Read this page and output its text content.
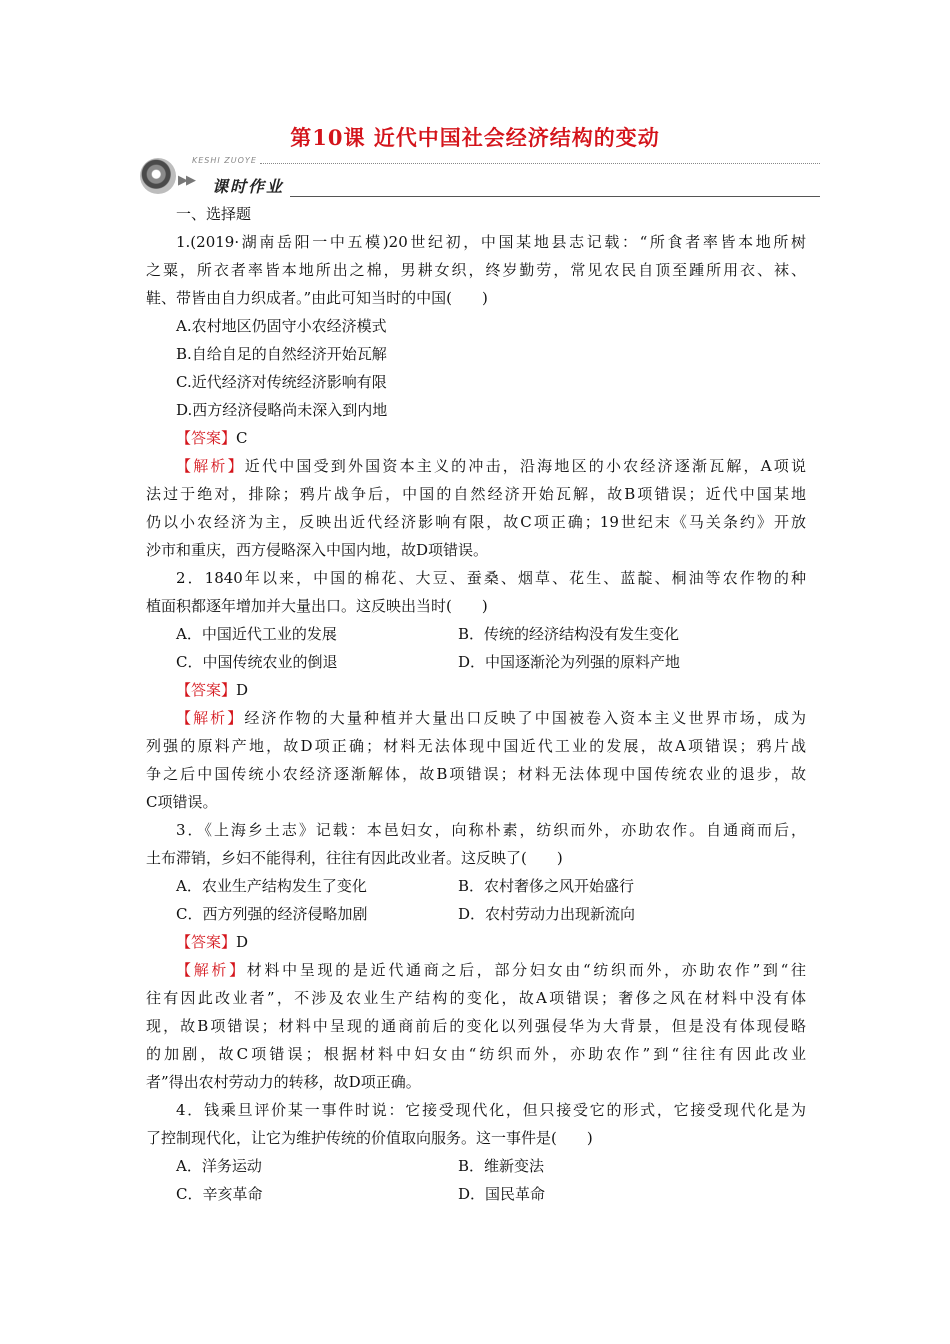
第10课 近代中国社会经济结构的变动
▶▶
KESHI ZUOYE
课时作业
一、选择题
1.(2019·湖南岳阳一中五模)20世纪初，中国某地县志记载：“所食者率皆本地所树
之粟，所衣者率皆本地所出之棉，男耕女织，终岁勤劳，常见农民自顶至踵所用衣、袜、
鞋、带皆由自力织成者。”由此可知当时的中国(　　)
A.农村地区仍固守小农经济模式
B.自给自足的自然经济开始瓦解
C.近代经济对传统经济影响有限
D.西方经济侵略尚未深入到内地
【答案】C
【解析】近代中国受到外国资本主义的冲击，沿海地区的小农经济逐渐瓦解，A项说
法过于绝对，排除；鸦片战争后，中国的自然经济开始瓦解，故B项错误；近代中国某地
仍以小农经济为主，反映出近代经济影响有限，故C项正确；19世纪末《马关条约》开放
沙市和重庆，西方侵略深入中国内地，故D项错误。
2．1840年以来，中国的棉花、大豆、蚕桑、烟草、花生、蓝靛、桐油等农作物的种
植面积都逐年增加并大量出口。这反映出当时(　　)
A．中国近代工业的发展	B．传统的经济结构没有发生变化
C．中国传统农业的倒退	D．中国逐渐沦为列强的原料产地
【答案】D
【解析】经济作物的大量种植并大量出口反映了中国被卷入资本主义世界市场，成为
列强的原料产地，故D项正确；材料无法体现中国近代工业的发展，故A项错误；鸦片战
争之后中国传统小农经济逐渐解体，故B项错误；材料无法体现中国传统农业的退步，故
C项错误。
3．《上海乡土志》记载：本邑妇女，向称朴素，纺织而外，亦助农作。自通商而后，
土布滞销，乡妇不能得利，往往有因此改业者。这反映了(　　)
A．农业生产结构发生了变化	B．农村奢侈之风开始盛行
C．西方列强的经济侵略加剧	D．农村劳动力出现新流向
【答案】D
【解析】材料中呈现的是近代通商之后，部分妇女由“纺织而外，亦助农作”到“往
往有因此改业者”，不涉及农业生产结构的变化，故A项错误；奢侈之风在材料中没有体
现，故B项错误；材料中呈现的通商前后的变化以列强侵华为大背景，但是没有体现侵略
的加剧，故C项错误；根据材料中妇女由“纺织而外，亦助农作”到“往往有因此改业
者”得出农村劳动力的转移，故D项正确。
4．钱乘旦评价某一事件时说：它接受现代化，但只接受它的形式，它接受现代化是为
了控制现代化，让它为维护传统的价值取向服务。这一事件是(　　)
A．洋务运动	B．维新变法
C．辛亥革命	D．国民革命
